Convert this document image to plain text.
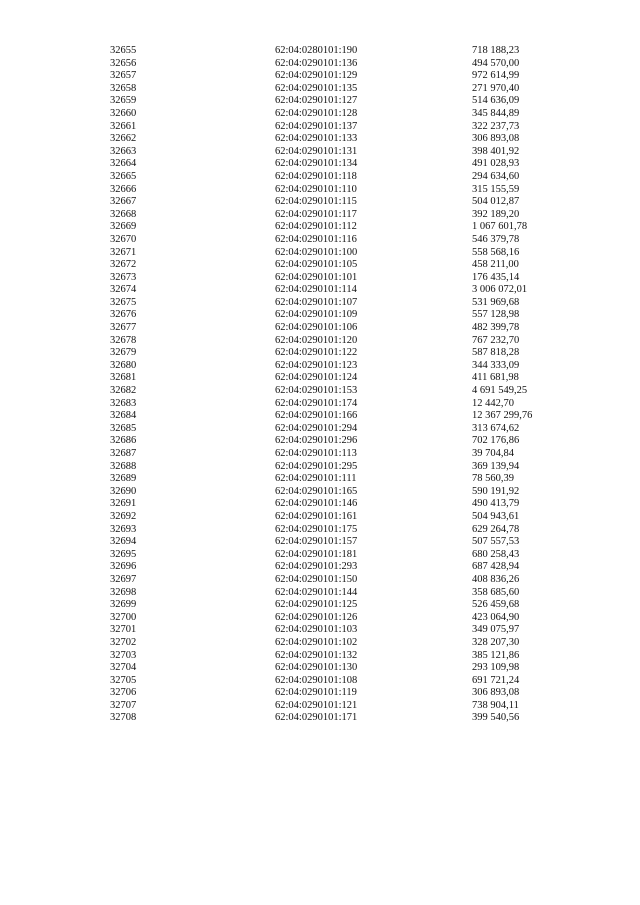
32655	62:04:0280101:190	718 188,23
32656	62:04:0290101:136	494 570,00
32657	62:04:0290101:129	972 614,99
32658	62:04:0290101:135	271 970,40
32659	62:04:0290101:127	514 636,09
32660	62:04:0290101:128	345 844,89
32661	62:04:0290101:137	322 237,73
32662	62:04:0290101:133	306 893,08
32663	62:04:0290101:131	398 401,92
32664	62:04:0290101:134	491 028,93
32665	62:04:0290101:118	294 634,60
32666	62:04:0290101:110	315 155,59
32667	62:04:0290101:115	504 012,87
32668	62:04:0290101:117	392 189,20
32669	62:04:0290101:112	1 067 601,78
32670	62:04:0290101:116	546 379,78
32671	62:04:0290101:100	558 568,16
32672	62:04:0290101:105	458 211,00
32673	62:04:0290101:101	176 435,14
32674	62:04:0290101:114	3 006 072,01
32675	62:04:0290101:107	531 969,68
32676	62:04:0290101:109	557 128,98
32677	62:04:0290101:106	482 399,78
32678	62:04:0290101:120	767 232,70
32679	62:04:0290101:122	587 818,28
32680	62:04:0290101:123	344 333,09
32681	62:04:0290101:124	411 681,98
32682	62:04:0290101:153	4 691 549,25
32683	62:04:0290101:174	12 442,70
32684	62:04:0290101:166	12 367 299,76
32685	62:04:0290101:294	313 674,62
32686	62:04:0290101:296	702 176,86
32687	62:04:0290101:113	39 704,84
32688	62:04:0290101:295	369 139,94
32689	62:04:0290101:111	78 560,39
32690	62:04:0290101:165	590 191,92
32691	62:04:0290101:146	490 413,79
32692	62:04:0290101:161	504 943,61
32693	62:04:0290101:175	629 264,78
32694	62:04:0290101:157	507 557,53
32695	62:04:0290101:181	680 258,43
32696	62:04:0290101:293	687 428,94
32697	62:04:0290101:150	408 836,26
32698	62:04:0290101:144	358 685,60
32699	62:04:0290101:125	526 459,68
32700	62:04:0290101:126	423 064,90
32701	62:04:0290101:103	349 075,97
32702	62:04:0290101:102	328 207,30
32703	62:04:0290101:132	385 121,86
32704	62:04:0290101:130	293 109,98
32705	62:04:0290101:108	691 721,24
32706	62:04:0290101:119	306 893,08
32707	62:04:0290101:121	738 904,11
32708	62:04:0290101:171	399 540,56
